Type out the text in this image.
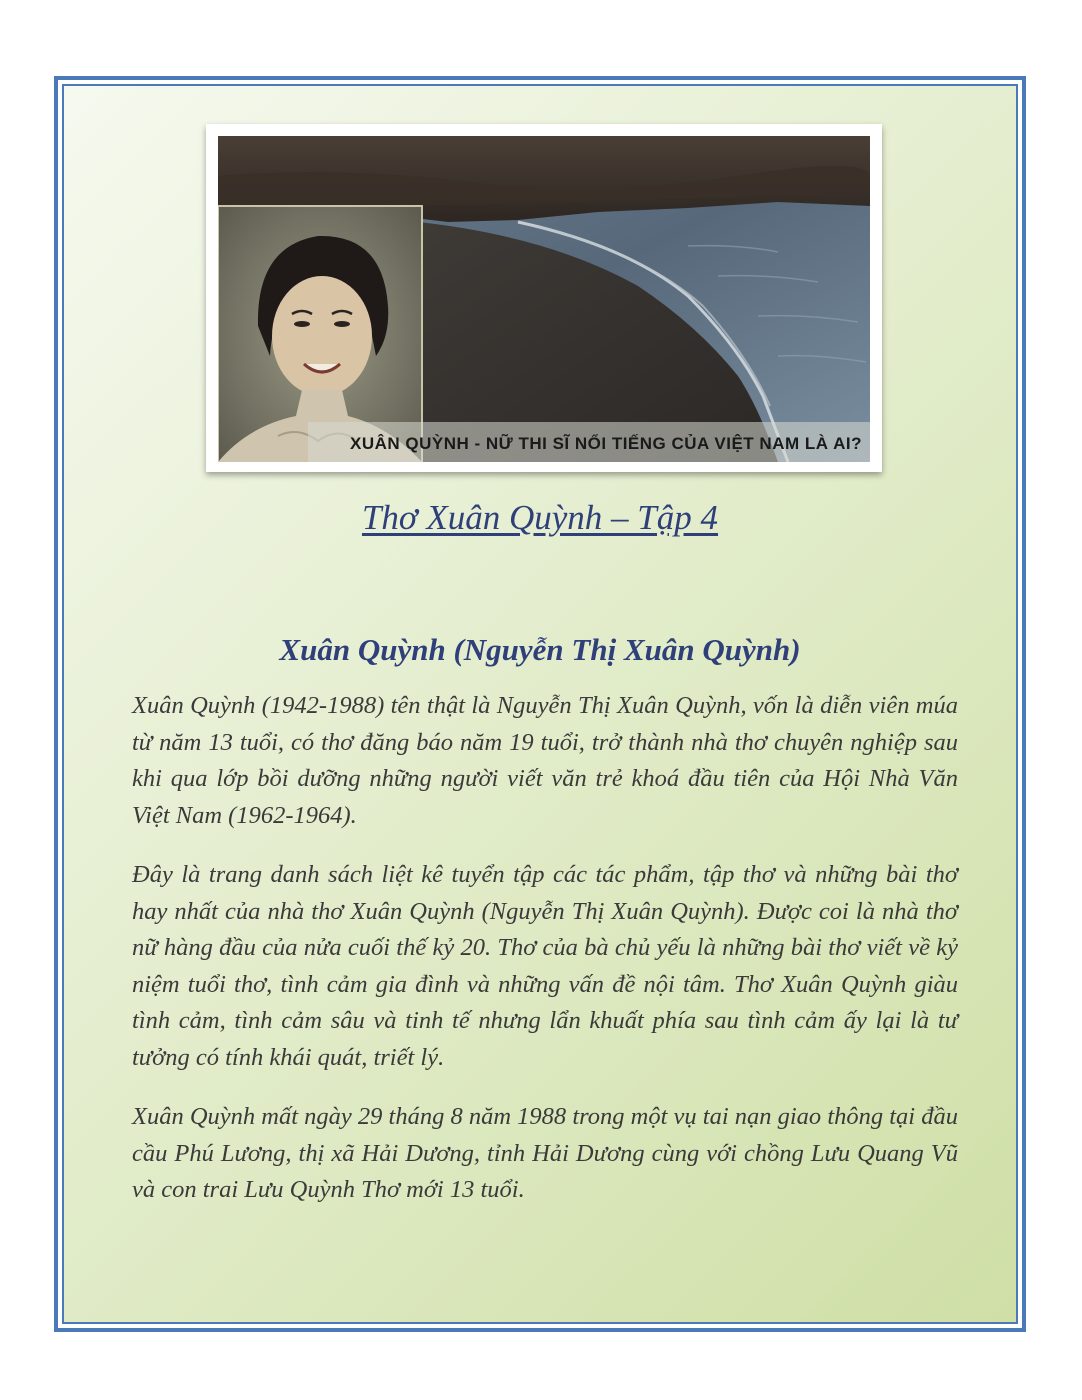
XUÂN QUỲNH - NỮ THI SĨ NỔI TIẾNG CỦA VIỆT NAM LÀ AI?
Thơ Xuân Quỳnh – Tập 4
Xuân Quỳnh (Nguyễn Thị Xuân Quỳnh)

Xuân Quỳnh (1942-1988) tên thật là Nguyễn Thị Xuân Quỳnh, vốn là diễn viên múa từ năm 13 tuổi, có thơ đăng báo năm 19 tuổi, trở thành nhà thơ chuyên nghiệp sau khi qua lớp bồi dưỡng những người viết văn trẻ khoá đầu tiên của Hội Nhà Văn Việt Nam (1962-1964).

Đây là trang danh sách liệt kê tuyển tập các tác phẩm, tập thơ và những bài thơ hay nhất của nhà thơ Xuân Quỳnh (Nguyễn Thị Xuân Quỳnh). Được coi là nhà thơ nữ hàng đầu của nửa cuối thế kỷ 20. Thơ của bà chủ yếu là những bài thơ viết về kỷ niệm tuổi thơ, tình cảm gia đình và những vấn đề nội tâm. Thơ Xuân Quỳnh giàu tình cảm, tình cảm sâu và tinh tế nhưng lẩn khuất phía sau tình cảm ấy lại là tư tưởng có tính khái quát, triết lý.

Xuân Quỳnh mất ngày 29 tháng 8 năm 1988 trong một vụ tai nạn giao thông tại đầu cầu Phú Lương, thị xã Hải Dương, tỉnh Hải Dương cùng với chồng Lưu Quang Vũ và con trai Lưu Quỳnh Thơ mới 13 tuổi.
